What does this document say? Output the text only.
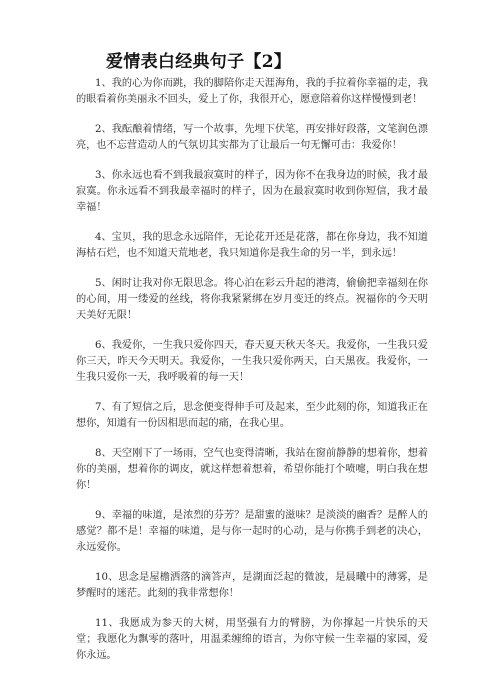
爱情表白经典句子【2】

1、我的心为你而跳，我的脚陪你走天涯海角，我的手拉着你幸福的走，我的眼看着你美丽永不回头，爱上了你，我很开心，愿意陪着你这样慢慢到老！

2、我酝酿着情绪，写一个故事，先埋下伏笔，再安排好段落，文笔润色漂亮，也不忘营造动人的气氛切其实都为了让最后一句无懈可击：我爱你！

3、你永远也看不到我最寂寞时的样子，因为你不在我身边的时候，我才最寂寞。你永远看不到我最幸福时的样子，因为在最寂寞时收到你短信，我才最幸福！

4、宝贝，我的思念永远陪伴，无论花开还是花落，都在你身边，我不知道海枯石烂，也不知道天荒地老，我只知道你是我生命的另一半，到永远！

5、闲时让我对你无限思念。将心泊在彩云升起的港湾，偷偷把幸福刻在你的心间，用一缕爱的丝线，将你我紧紧绑在岁月变迁的终点。祝福你的今天明天美好无限！

6、我爱你，一生我只爱你四天，春天夏天秋天冬天。我爱你，一生我只爱你三天，昨天今天明天。我爱你，一生我只爱你两天，白天黑夜。我爱你，一生我只爱你一天，我呼吸着的每一天！

7、有了短信之后，思念便变得伸手可及起来，至少此刻的你，知道我正在想你，知道有一份因相思而起的痛，在我心里。

8、天空刚下了一场雨，空气也变得清晰，我站在窗前静静的想着你，想着你的美丽，想着你的调皮，就这样想着想着，希望你能打个喷嚏，明白我在想你！

9、幸福的味道，是浓烈的芬芳？是甜蜜的滋味？是淡淡的幽香？是醉人的感觉？都不是！幸福的味道，是与你一起时的心动，是与你携手到老的决心，永远爱你。

10、思念是屋檐洒落的滴答声，是湖面泛起的微波，是晨曦中的薄雾，是梦醒时的迷茫。此刻的我非常想你！

11、我愿成为参天的大树，用坚强有力的臂膀，为你撑起一片快乐的天堂；我愿化为飘零的落叶，用温柔缠绵的语言，为你守候一生幸福的家园，爱你永远。
